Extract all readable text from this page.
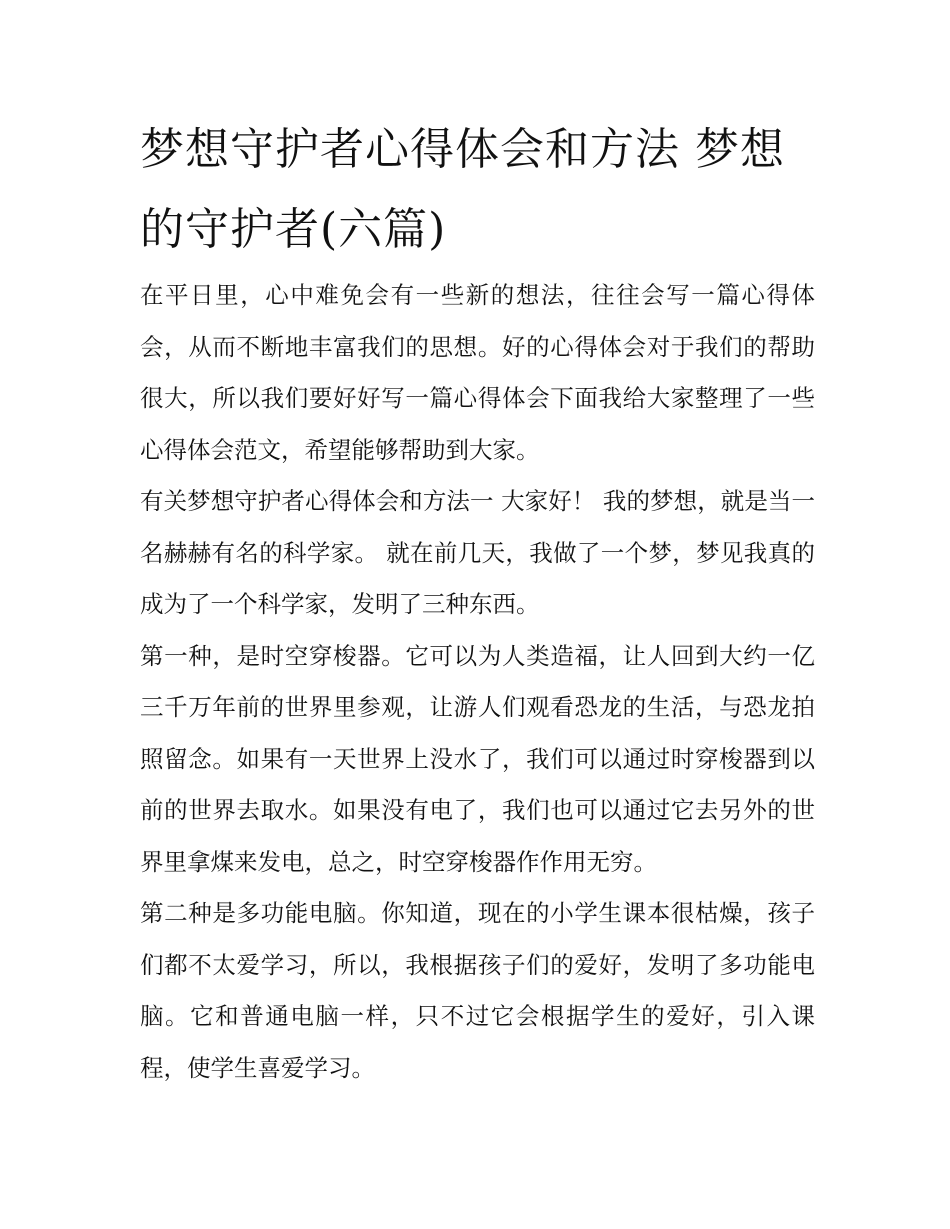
梦想守护者心得体会和方法 梦想的守护者(六篇)

在平日里，心中难免会有一些新的想法，往往会写一篇心得体会，从而不断地丰富我们的思想。好的心得体会对于我们的帮助很大，所以我们要好好写一篇心得体会下面我给大家整理了一些心得体会范文，希望能够帮助到大家。

有关梦想守护者心得体会和方法一 大家好！ 我的梦想，就是当一名赫赫有名的科学家。 就在前几天，我做了一个梦，梦见我真的成为了一个科学家，发明了三种东西。

第一种，是时空穿梭器。它可以为人类造福，让人回到大约一亿三千万年前的世界里参观，让游人们观看恐龙的生活，与恐龙拍照留念。如果有一天世界上没水了，我们可以通过时穿梭器到以前的世界去取水。如果没有电了，我们也可以通过它去另外的世界里拿煤来发电，总之，时空穿梭器作作用无穷。

第二种是多功能电脑。你知道，现在的小学生课本很枯燥，孩子们都不太爱学习，所以，我根据孩子们的爱好，发明了多功能电脑。它和普通电脑一样，只不过它会根据学生的爱好，引入课程，使学生喜爱学习。
